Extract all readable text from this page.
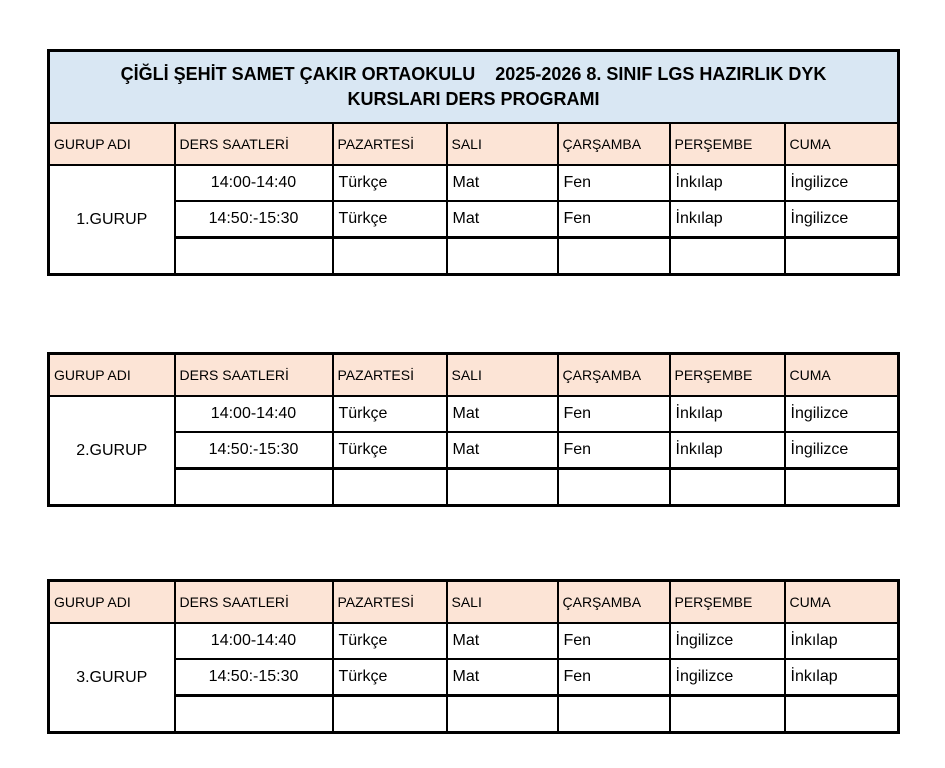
ÇİĞLİ ŞEHİT SAMET ÇAKIR ORTAOKULU    2025-2026 8. SINIF LGS HAZIRLIK DYK
KURSLARI DERS PROGRAMI						

GURUP ADI	DERS SAATLERİ	PAZARTESİ	SALI	ÇARŞAMBA	PERŞEMBE	CUMA
1.GURUP	14:00-14:40	Türkçe	Mat	Fen	İnkılap	İngilizce
	14:50:-15:30	Türkçe	Mat	Fen	İnkılap	İngilizce

GURUP ADI	DERS SAATLERİ	PAZARTESİ	SALI	ÇARŞAMBA	PERŞEMBE	CUMA
2.GURUP	14:00-14:40	Türkçe	Mat	Fen	İnkılap	İngilizce
	14:50:-15:30	Türkçe	Mat	Fen	İnkılap	İngilizce

GURUP ADI	DERS SAATLERİ	PAZARTESİ	SALI	ÇARŞAMBA	PERŞEMBE	CUMA
3.GURUP	14:00-14:40	Türkçe	Mat	Fen	İngilizce	İnkılap
	14:50:-15:30	Türkçe	Mat	Fen	İngilizce	İnkılap
